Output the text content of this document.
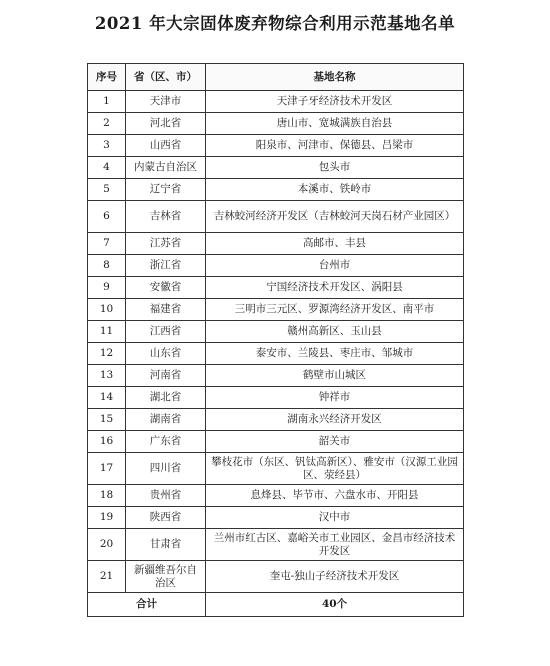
2021 年大宗固体废弃物综合利用示范基地名单
序号	省（区、市）	基地名称
1	天津市	天津子牙经济技术开发区
2	河北省	唐山市、宽城满族自治县
3	山西省	阳泉市、河津市、保德县、吕梁市
4	内蒙古自治区	包头市
5	辽宁省	本溪市、铁岭市
6	吉林省	吉林蛟河经济开发区（吉林蛟河天岗石材产业园区）
7	江苏省	高邮市、丰县
8	浙江省	台州市
9	安徽省	宁国经济技术开发区、涡阳县
10	福建省	三明市三元区、罗源湾经济开发区、南平市
11	江西省	赣州高新区、玉山县
12	山东省	泰安市、兰陵县、枣庄市、邹城市
13	河南省	鹤壁市山城区
14	湖北省	钟祥市
15	湖南省	湖南永兴经济开发区
16	广东省	韶关市
17	四川省	攀枝花市（东区、钒钛高新区）、雅安市（汉源工业园区、荥经县）
18	贵州省	息烽县、毕节市、六盘水市、开阳县
19	陕西省	汉中市
20	甘肃省	兰州市红古区、嘉峪关市工业园区、金昌市经济技术开发区
21	新疆维吾尔自治区	奎屯-独山子经济技术开发区
合计		40个
